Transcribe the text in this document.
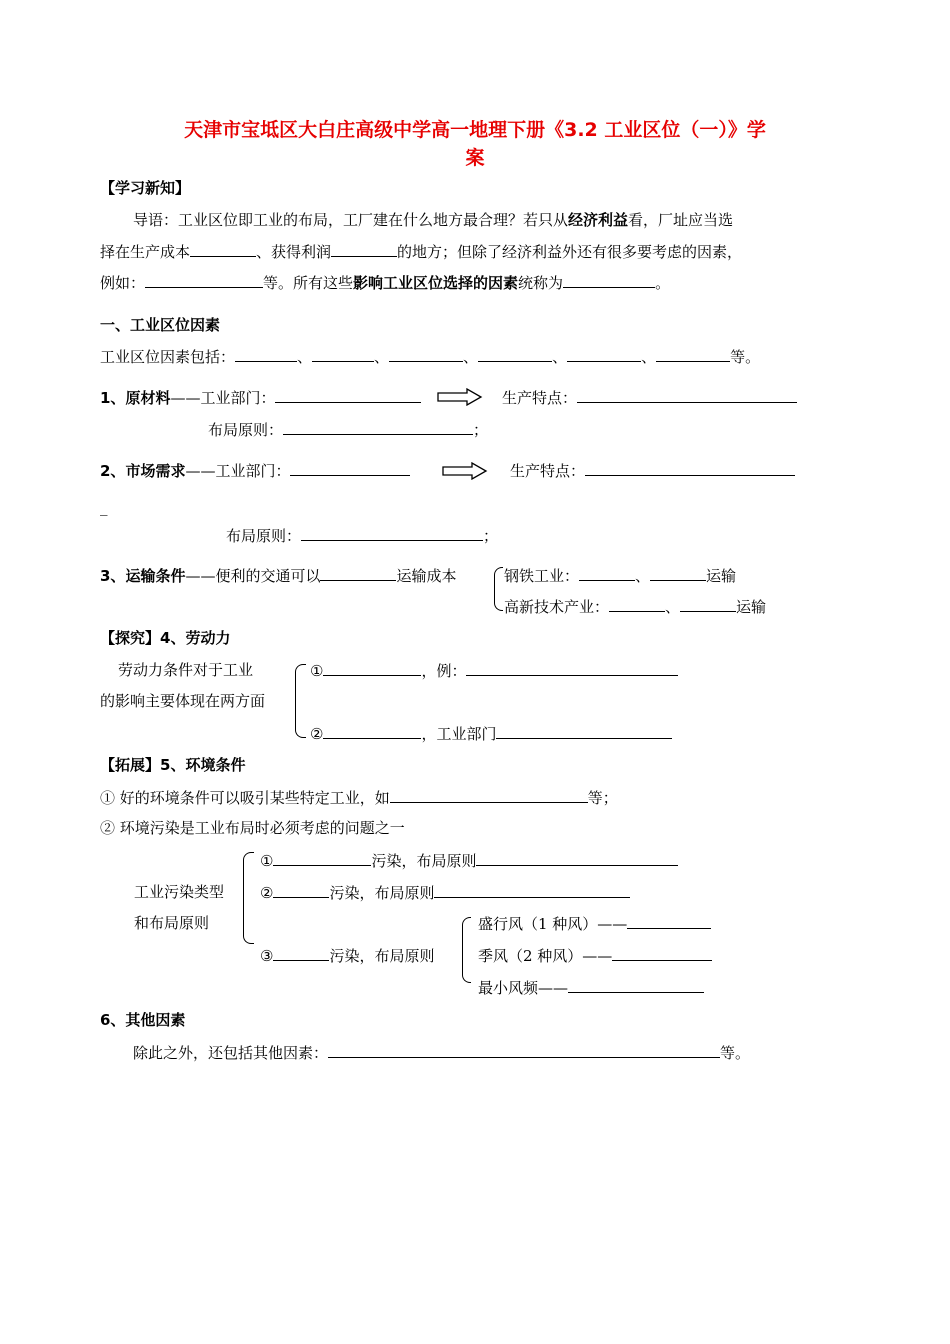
天津市宝坻区大白庄高级中学高一地理下册《3.2 工业区位（一）》学
案
【学习新知】
导语：工业区位即工业的布局，工厂建在什么地方最合理？若只从经济利益看，厂址应当选
择在生产成本	、获得利润	的地方；但除了经济利益外还有很多要考虑的因素，
例如：	等。所有这些影响工业区位选择的因素统称为	。
一、工业区位因素
工业区位因素包括：	、	、	、	、	、	等。
1、原材料——工业部门：	生产特点：
布局原则：	；
2、市场需求——工业部门：	生产特点：
_
布局原则：	；
3、运输条件——便利的交通可以	运输成本	钢铁工业：	、	运输
高新技术产业：	、	运输
【探究】4、劳动力
劳动力条件对于工业
的影响主要体现在两方面
①	，例：
②	，工业部门
【拓展】5、环境条件
① 好的环境条件可以吸引某些特定工业，如	等；
② 环境污染是工业布局时必须考虑的问题之一
工业污染类型
和布局原则
①	污染，布局原则
②	污染，布局原则
③	污染，布局原则
盛行风（1 种风）——
季风（2 种风）——
最小风频——
6、其他因素
除此之外，还包括其他因素：	等。
